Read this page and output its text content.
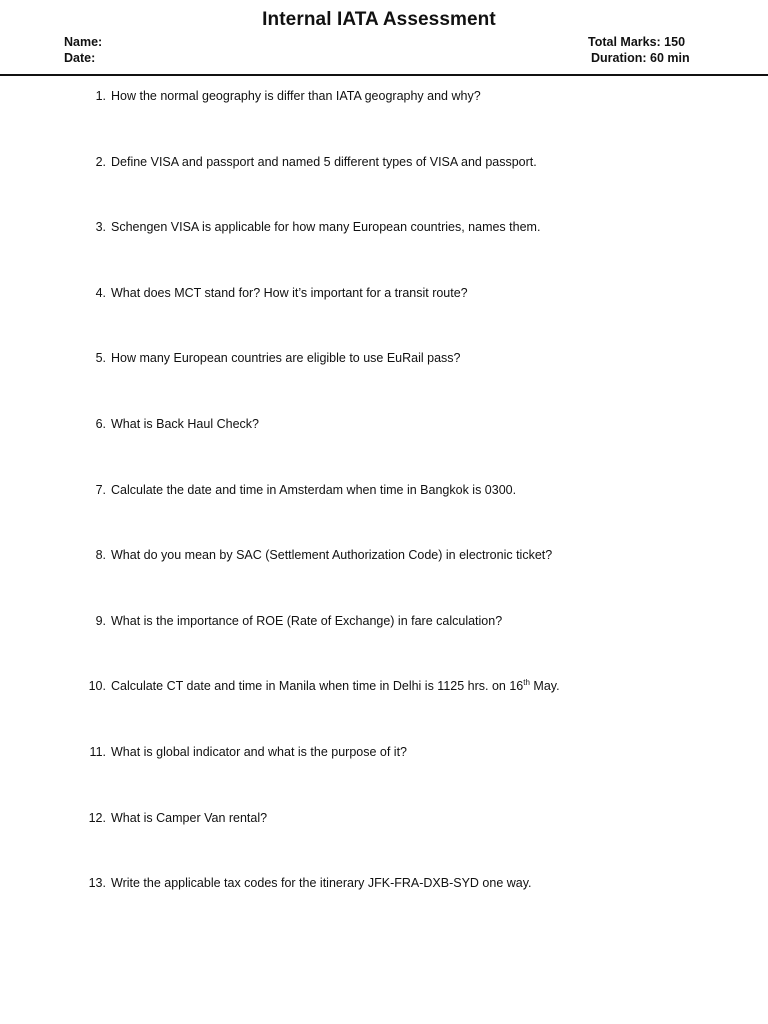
Internal IATA Assessment
Name:
Date:
Total Marks: 150
Duration: 60 min
1. How the normal geography is differ than IATA geography and why?
2. Define VISA and passport and named 5 different types of VISA and passport.
3. Schengen VISA is applicable for how many European countries, names them.
4. What does MCT stand for? How it’s important for a transit route?
5. How many European countries are eligible to use EuRail pass?
6. What is Back Haul Check?
7. Calculate the date and time in Amsterdam when time in Bangkok is 0300.
8. What do you mean by SAC (Settlement Authorization Code) in electronic ticket?
9. What is the importance of ROE (Rate of Exchange) in fare calculation?
10. Calculate CT date and time in Manila when time in Delhi is 1125 hrs. on 16th May.
11. What is global indicator and what is the purpose of it?
12. What is Camper Van rental?
13. Write the applicable tax codes for the itinerary JFK-FRA-DXB-SYD one way.
